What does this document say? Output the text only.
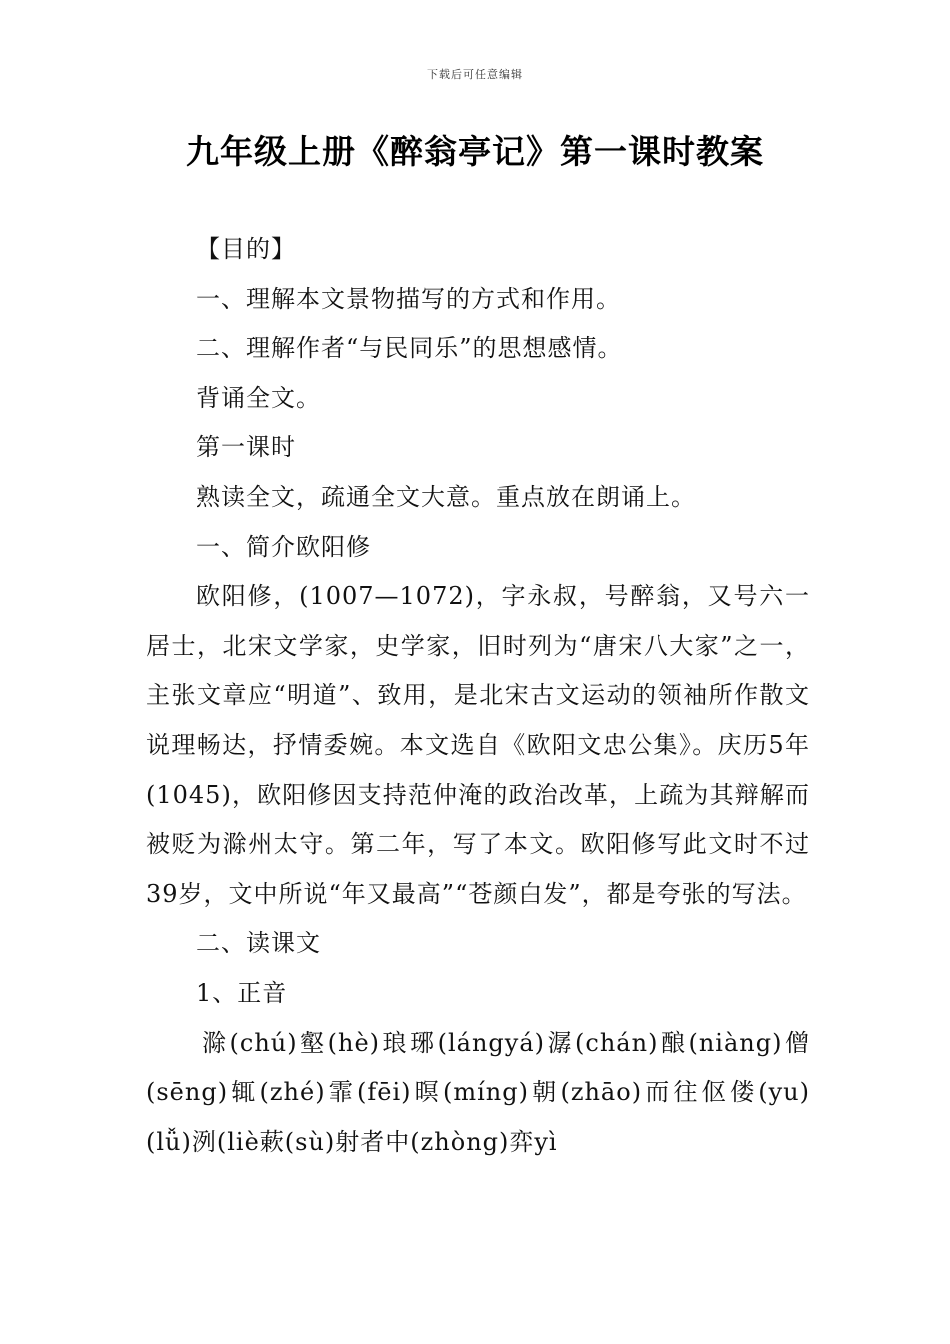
下载后可任意编辑
九年级上册《醉翁亭记》第一课时教案

【目的】

一、理解本文景物描写的方式和作用。

二、理解作者“与民同乐”的思想感情。

背诵全文。

第一课时

熟读全文，疏通全文大意。重点放在朗诵上。

一、简介欧阳修

欧阳修，(1007—1072)，字永叔，号醉翁，又号六一居士，北宋文学家，史学家，旧时列为“唐宋八大家”之一，主张文章应“明道”、致用，是北宋古文运动的领袖所作散文说理畅达，抒情委婉。本文选自《欧阳文忠公集》。庆历5年(1045)，欧阳修因支持范仲淹的政治改革，上疏为其辩解而被贬为滁州太守。第二年，写了本文。欧阳修写此文时不过39岁，文中所说“年又最高”“苍颜白发”，都是夸张的写法。

二、读课文

1、正音

滁(chú)壑(hè)琅琊(lángyá)潺(chán)酿(niàng)僧(sēng)辄(zhé)霏(fēi)暝(míng)朝(zhāo)而往伛偻(yu)(lǚ)洌(liè蔌(sù)射者中(zhòng)弈yì
